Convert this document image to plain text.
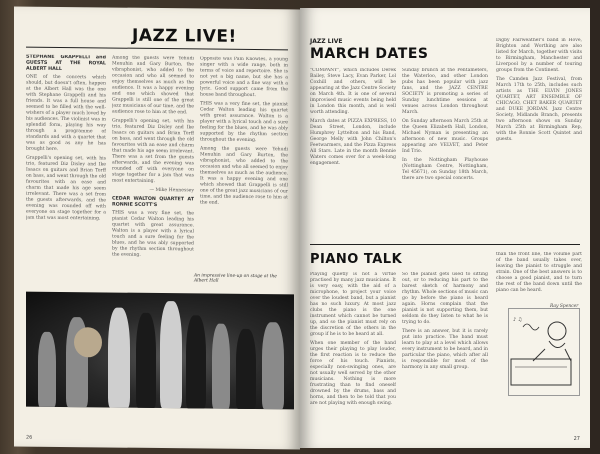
JAZZ LIVE!
STEPHANE GRAPPELLI and GUESTS AT THE ROYAL ALBERT HALL

ONE of the concerts which should, but doesn't often, happen at the Albert Hall was the one with Stephane Grappelli and his friends. It was a full house and seemed to be filled with the well-wishers of a player much loved by his audiences. The violinist was in splendid form, playing his way through a programme of standards and with a quartet that was as good as any he has brought here.

Grappelli's opening set, with his trio, featured Diz Disley and Ike Isaacs on guitars and Brian Torff on bass, and went through the old favourites with an ease and charm that made his age seem irrelevant. There was a set from the guests afterwards, and the evening was rounded off with everyone on stage together for a jam that was most entertaining.

Among the guests were Yehudi Menuhin and Gary Burton, the vibraphonist, who added to the occasion and who all seemed to enjoy themselves as much as the audience. It was a happy evening and one which showed that Grappelli is still one of the great jazz musicians of our time, and the audience rose to him at the end.

Grappelli's opening set, with his trio, featured Diz Disley and Ike Isaacs on guitars and Brian Torff on bass, and went through the old favourites with an ease and charm that made his age seem irrelevant. There was a set from the guests afterwards, and the evening was rounded off with everyone on stage together for a jam that was most entertaining.

— Mike Hennessey

CEDAR WALTON QUARTET AT RONNIE SCOTT'S

THIS was a very fine set, the pianist Cedar Walton leading his quartet with great assurance. Walton is a player with a lyrical touch and a sure feeling for the blues, and he was ably supported by the rhythm section throughout the evening.

Opposite was Pam Knowles, a young singer with a wide range, both in terms of voice and repertoire. She is not yet a big name, but she has a powerful voice and a fine way with a lyric. Good support came from the house band throughout.

THIS was a very fine set, the pianist Cedar Walton leading his quartet with great assurance. Walton is a player with a lyrical touch and a sure feeling for the blues, and he was ably supported by the rhythm section throughout the evening.

Among the guests were Yehudi Menuhin and Gary Burton, the vibraphonist, who added to the occasion and who all seemed to enjoy themselves as much as the audience. It was a happy evening and one which showed that Grappelli is still one of the great jazz musicians of our time, and the audience rose to him at the end.

An impressive line-up on stage at the Albert Hall
26
JAZZ LIVE
MARCH DATES

"COMPANY", which includes Derek Bailey, Steve Lacy, Evan Parker, Lol Coxhill and others, will be appearing at the Jazz Centre Society on March 4th. It is one of several improvised music events being held in London this month, and is well worth attending.

March dates at PIZZA EXPRESS, 10 Dean Street, London, include Humphrey Lyttelton and his Band, George Melly with John Chilton's Feetwarmers, and the Pizza Express All Stars. Late in the month Bennie Waters comes over for a week-long engagement.

Sunday brunch at the Pentameters, the Waterloo, and other London pubs has been popular with jazz fans, and the JAZZ CENTRE SOCIETY is promoting a series of Sunday lunchtime sessions at venues across London throughout March.

On Sunday afternoon March 25th at the Queen Elizabeth Hall, London, Michael Nyman is presenting an afternoon of new music. Groups appearing are VELVET, and Peter Ind Trio.

In the Nottingham Playhouse (Nottingham Centre, Nottingham, Tel 45671), on Sunday 18th March, there are two special concerts.

Digby Fairweather's band in Hove, Brighton and Worthing are also listed for March, together with visits to Birmingham, Manchester and Liverpool by a number of touring groups from the Continent.

The Camden Jazz Festival, from March 17th to 25th, includes such artists as THE ELVIN JONES QUARTET, ART ENSEMBLE OF CHICAGO, CHET BAKER QUARTET and DUKE JORDAN. Jazz Centre Society, Midlands Branch, presents two afternoon shows on Sunday March 25th at Birmingham Rep, with the Ronnie Scott Quintet and guests.

PIANO TALK

Playing quietly is not a virtue practised by many jazz musicians. It is very easy, with the aid of a microphone, to project your voice over the loudest band, but a pianist has no such luxury. At most jazz clubs the piano is the one instrument which cannot be turned up, and so the pianist must rely on the discretion of the others in the group if he is to be heard at all.

When one member of the band urges their playing to play louder, the first reaction is to reduce the force of his touch. Pianists, especially non-swinging ones, are not usually well served by the other musicians. Nothing is more frustrating than to find oneself drowned by the drums, bass and horns, and then to be told that you are not playing with enough swing.

So the pianist gets used to sitting out, or to reducing his part to the barest sketch of harmony and rhythm. Whole sections of music can go by before the piano is heard again. Horns complain that the pianist is not supporting them, but seldom do they listen to what he is trying to do.

There is an answer, but it is rarely put into practice. The band must learn to play at a level which allows every instrument to be heard, and in particular the piano, which after all is responsible for most of the harmony in any small group.

than the front line, the volume part of the band usually takes over, leaving the pianist to struggle and strain. One of the best answers is to choose a good pianist, and to turn the rest of the band down until the piano can be heard.

♪ ♫
Ray Spencer
27
